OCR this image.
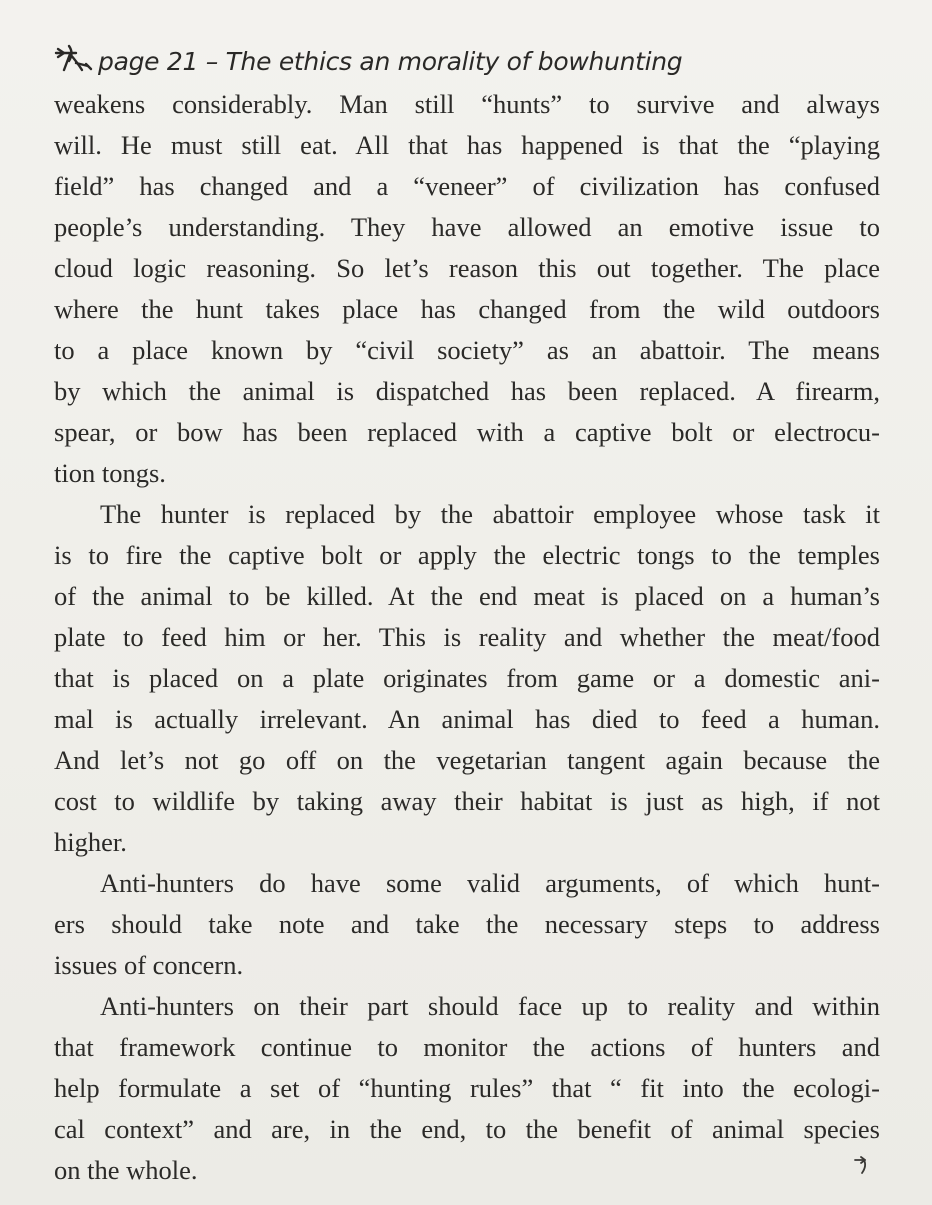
page 21 – The ethics an morality of bowhunting

weakens considerably. Man still “hunts” to survive and always
will. He must still eat. All that has happened is that the “playing
field” has changed and a “veneer” of civilization has confused
people’s understanding. They have allowed an emotive issue to
cloud logic reasoning. So let’s reason this out together. The place
where the hunt takes place has changed from the wild outdoors
to a place known by “civil society” as an abattoir. The means
by which the animal is dispatched has been replaced. A firearm,
spear, or bow has been replaced with a captive bolt or electrocu-
tion tongs.

The hunter is replaced by the abattoir employee whose task it
is to fire the captive bolt or apply the electric tongs to the temples
of the animal to be killed. At the end meat is placed on a human’s
plate to feed him or her. This is reality and whether the meat/food
that is placed on a plate originates from game or a domestic ani-
mal is actually irrelevant. An animal has died to feed a human.
And let’s not go off on the vegetarian tangent again because the
cost to wildlife by taking away their habitat is just as high, if not
higher.

Anti-hunters do have some valid arguments, of which hunt-
ers should take note and take the necessary steps to address
issues of concern.

Anti-hunters on their part should face up to reality and within
that framework continue to monitor the actions of hunters and
help formulate a set of “hunting rules” that “ fit into the ecologi-
cal context” and are, in the end, to the benefit of animal species
on the whole.
